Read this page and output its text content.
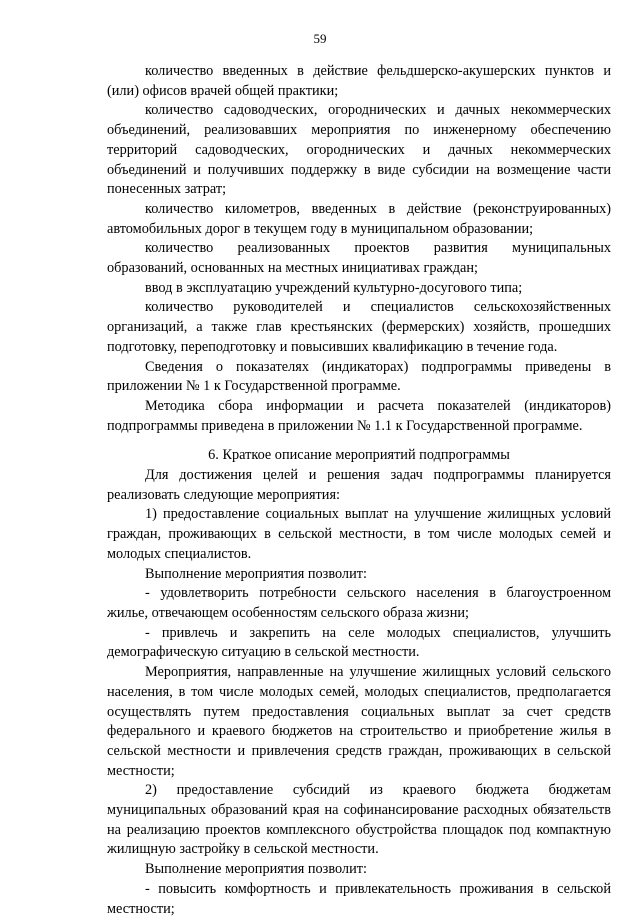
59

количество введенных в действие фельдшерско-акушерских пунктов и (или) офисов врачей общей практики;

количество садоводческих, огороднических и дачных некоммерческих объединений, реализовавших мероприятия по инженерному обеспечению территорий садоводческих, огороднических и дачных некоммерческих объединений и получивших поддержку в виде субсидии на возмещение части понесенных затрат;

количество километров, введенных в действие (реконструированных) автомобильных дорог в текущем году в муниципальном образовании;

количество реализованных проектов развития муниципальных образований, основанных на местных инициативах граждан;

ввод в эксплуатацию учреждений культурно-досугового типа;

количество руководителей и специалистов сельскохозяйственных организаций, а также глав крестьянских (фермерских) хозяйств, прошедших подготовку, переподготовку и повысивших квалификацию в течение года.

Сведения о показателях (индикаторах) подпрограммы приведены в приложении № 1 к Государственной программе.

Методика сбора информации и расчета показателей (индикаторов) подпрограммы приведена в приложении № 1.1 к Государственной программе.

6. Краткое описание мероприятий подпрограммы

Для достижения целей и решения задач подпрограммы планируется реализовать следующие мероприятия:

1) предоставление социальных выплат на улучшение жилищных условий граждан, проживающих в сельской местности, в том числе молодых семей и молодых специалистов.

Выполнение мероприятия позволит:

- удовлетворить потребности сельского населения в благоустроенном жилье, отвечающем особенностям сельского образа жизни;

- привлечь и закрепить на селе молодых специалистов, улучшить демографическую ситуацию в сельской местности.

Мероприятия, направленные на улучшение жилищных условий сельского населения, в том числе молодых семей, молодых специалистов, предполагается осуществлять путем предоставления социальных выплат за счет средств федерального и краевого бюджетов на строительство и приобретение жилья в сельской местности и привлечения средств граждан, проживающих в сельской местности;

2) предоставление субсидий из краевого бюджета бюджетам муниципальных образований края на софинансирование расходных обязательств на реализацию проектов комплексного обустройства площадок под компактную жилищную застройку в сельской местности.

Выполнение мероприятия позволит:

- повысить комфортность и привлекательность проживания в сельской местности;
